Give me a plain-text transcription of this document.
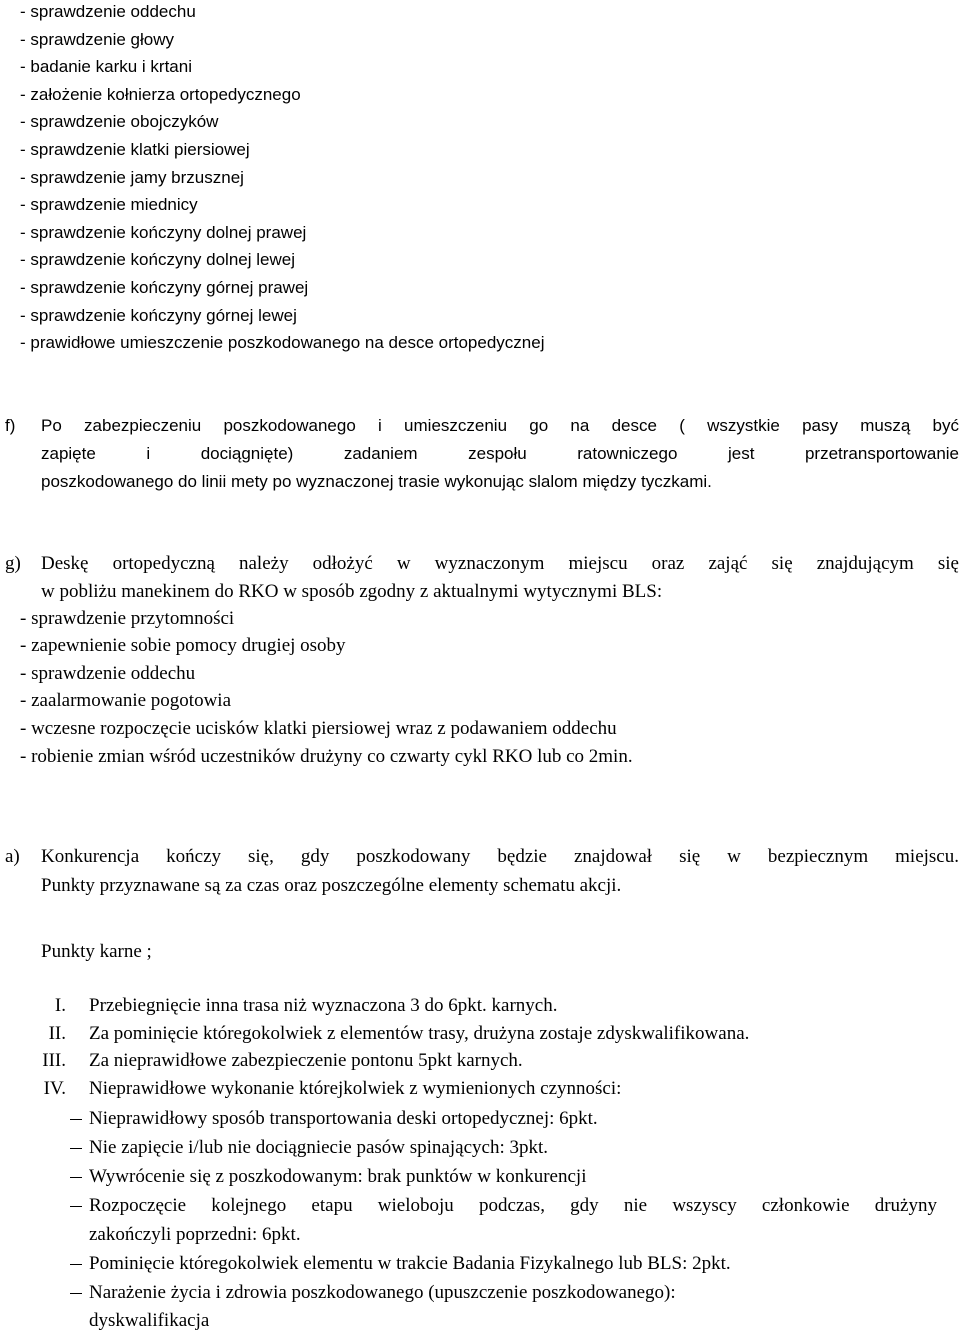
- sprawdzenie oddechu
- sprawdzenie głowy
- badanie karku i krtani
- założenie kołnierza ortopedycznego
- sprawdzenie obojczyków
- sprawdzenie klatki piersiowej
- sprawdzenie jamy brzusznej
- sprawdzenie miednicy
- sprawdzenie kończyny dolnej prawej
- sprawdzenie kończyny dolnej lewej
- sprawdzenie kończyny górnej prawej
- sprawdzenie kończyny górnej lewej
- prawidłowe umieszczenie poszkodowanego na desce ortopedycznej
f) Po zabezpieczeniu poszkodowanego i umieszczeniu go na desce ( wszystkie pasy muszą być
zapięte i dociągnięte) zadaniem zespołu ratowniczego jest przetransportowanie
poszkodowanego do linii mety po wyznaczonej trasie wykonując slalom między tyczkami.
g) Deskę ortopedyczną należy odłożyć w wyznaczonym miejscu oraz zająć się znajdującym się
w pobliżu manekinem do RKO w sposób zgodny z aktualnymi wytycznymi BLS:
- sprawdzenie przytomności
- zapewnienie sobie pomocy drugiej osoby
- sprawdzenie oddechu
- zaalarmowanie pogotowia
- wczesne rozpoczęcie ucisków klatki piersiowej wraz z podawaniem oddechu
- robienie zmian wśród uczestników drużyny co czwarty cykl RKO lub co 2min.
a) Konkurencja kończy się, gdy poszkodowany będzie znajdował się w bezpiecznym miejscu.
Punkty przyznawane są za czas oraz poszczególne elementy schematu akcji.
Punkty karne ;
I. Przebiegnięcie inna trasa niż wyznaczona 3 do 6pkt. karnych.
II. Za pominięcie któregokolwiek z elementów trasy, drużyna zostaje zdyskwalifikowana.
III. Za nieprawidłowe zabezpieczenie pontonu 5pkt karnych.
IV. Nieprawidłowe wykonanie którejkolwiek z wymienionych czynności:
Nieprawidłowy sposób transportowania deski ortopedycznej: 6pkt.
Nie zapięcie i/lub nie dociągniecie pasów spinających: 3pkt.
Wywrócenie się z poszkodowanym: brak punktów w konkurencji
Rozpoczęcie kolejnego etapu wieloboju podczas, gdy nie wszyscy członkowie drużyny
zakończyli poprzedni: 6pkt.
Pominięcie któregokolwiek elementu w trakcie Badania Fizykalnego lub BLS: 2pkt.
Narażenie życia i zdrowia poszkodowanego (upuszczenie poszkodowanego):
dyskwalifikacja
